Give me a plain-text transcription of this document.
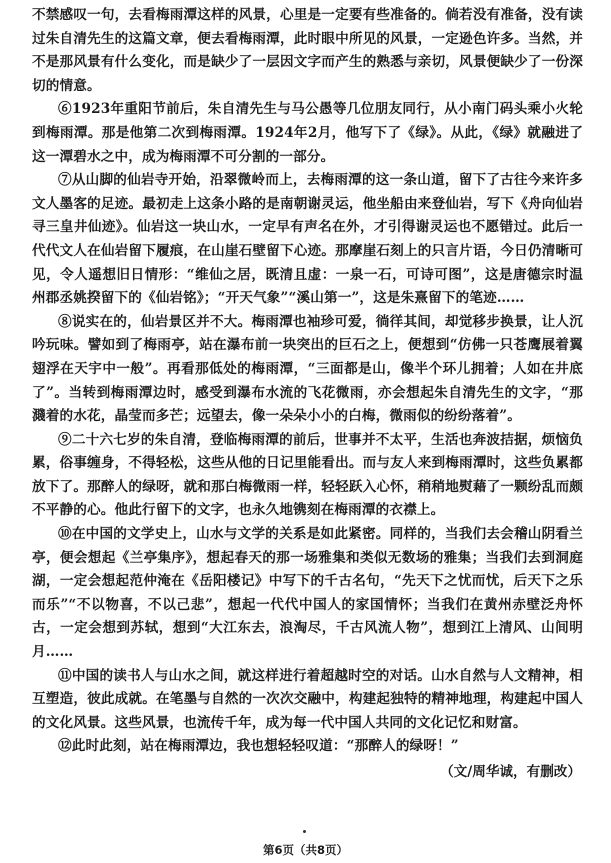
不禁感叹一句，去看梅雨潭这样的风景，心里是一定要有些准备的。倘若没有准备，没有读过朱自清先生的这篇文章，便去看梅雨潭，此时眼中所见的风景，一定逊色许多。当然，并不是那风景有什么变化，而是缺少了一层因文字而产生的熟悉与亲切，风景便缺少了一份深切的情意。

⑥1923年重阳节前后，朱自清先生与马公愚等几位朋友同行，从小南门码头乘小火轮到梅雨潭。那是他第二次到梅雨潭。1924年2月，他写下了《绿》。从此，《绿》就融进了这一潭碧水之中，成为梅雨潭不可分割的一部分。

⑦从山脚的仙岩寺开始，沿翠微岭而上，去梅雨潭的这一条山道，留下了古往今来许多文人墨客的足迹。最初走上这条小路的是南朝谢灵运，他坐船由来登仙岩，写下《舟向仙岩寻三皇井仙迹》。仙岩这一块山水，一定早有声名在外，才引得谢灵运也不愿错过。此后一代代文人在仙岩留下履痕，在山崖石壁留下心迹。那摩崖石刻上的只言片语，今日仍清晰可见，令人遥想旧日情形：“维仙之居，既清且虚：一泉一石，可诗可图”，这是唐德宗时温州郡丞姚揆留下的《仙岩铭》；“开天气象”“溪山第一”，这是朱熹留下的笔迹……

⑧说实在的，仙岩景区并不大。梅雨潭也袖珍可爱，徜徉其间，却觉移步换景，让人沉吟玩味。譬如到了梅雨亭，站在瀑布前一块突出的巨石之上，便想到“仿佛一只苍鹰展着翼翅浮在天宇中一般”。再看那低处的梅雨潭，“三面都是山，像半个环儿拥着；人如在井底了”。当转到梅雨潭边时，感受到瀑布水流的飞花微雨，亦会想起朱自清先生的文字，“那濺着的水花，晶莹而多芒；远望去，像一朵朵小小的白梅，微雨似的纷纷落着”。

⑨二十六七岁的朱自清，登临梅雨潭的前后，世事并不太平，生活也奔波拮据，烦恼负累，俗事缠身，不得轻松，这些从他的日记里能看出。而与友人来到梅雨潭时，这些负累都放下了。那醉人的绿呀，就和那白梅微雨一样，轻轻跃入心怀，稍稍地熨藉了一颗纷乱而颇不平静的心。他此行留下的文字，也永久地镌刻在梅雨潭的衣襟上。

⑩在中国的文学史上，山水与文学的关系是如此紧密。同样的，当我们去会稽山阴看兰亭，便会想起《兰亭集序》，想起春天的那一场雅集和类似无数场的雅集；当我们去到洞庭湖，一定会想起范仲淹在《岳阳楼记》中写下的千古名句，“先天下之忧而忧，后天下之乐而乐”“不以物喜，不以己悲”，想起一代代中国人的家国情怀；当我们在黄州赤壁泛舟怀古，一定会想到苏轼，想到“大江东去，浪淘尽，千古风流人物”，想到江上清风、山间明月……

⑪中国的读书人与山水之间，就这样进行着超越时空的对话。山水自然与人文精神，相互塑造，彼此成就。在笔墨与自然的一次次交融中，构建起独特的精神地理，构建起中国人的文化风景。这些风景，也流传千年，成为每一代中国人共同的文化记忆和财富。

⑫此时此刻，站在梅雨潭边，我也想轻轻叹道：“那醉人的绿呀！”

（文/周华诚，有删改）

第6页（共8页）
